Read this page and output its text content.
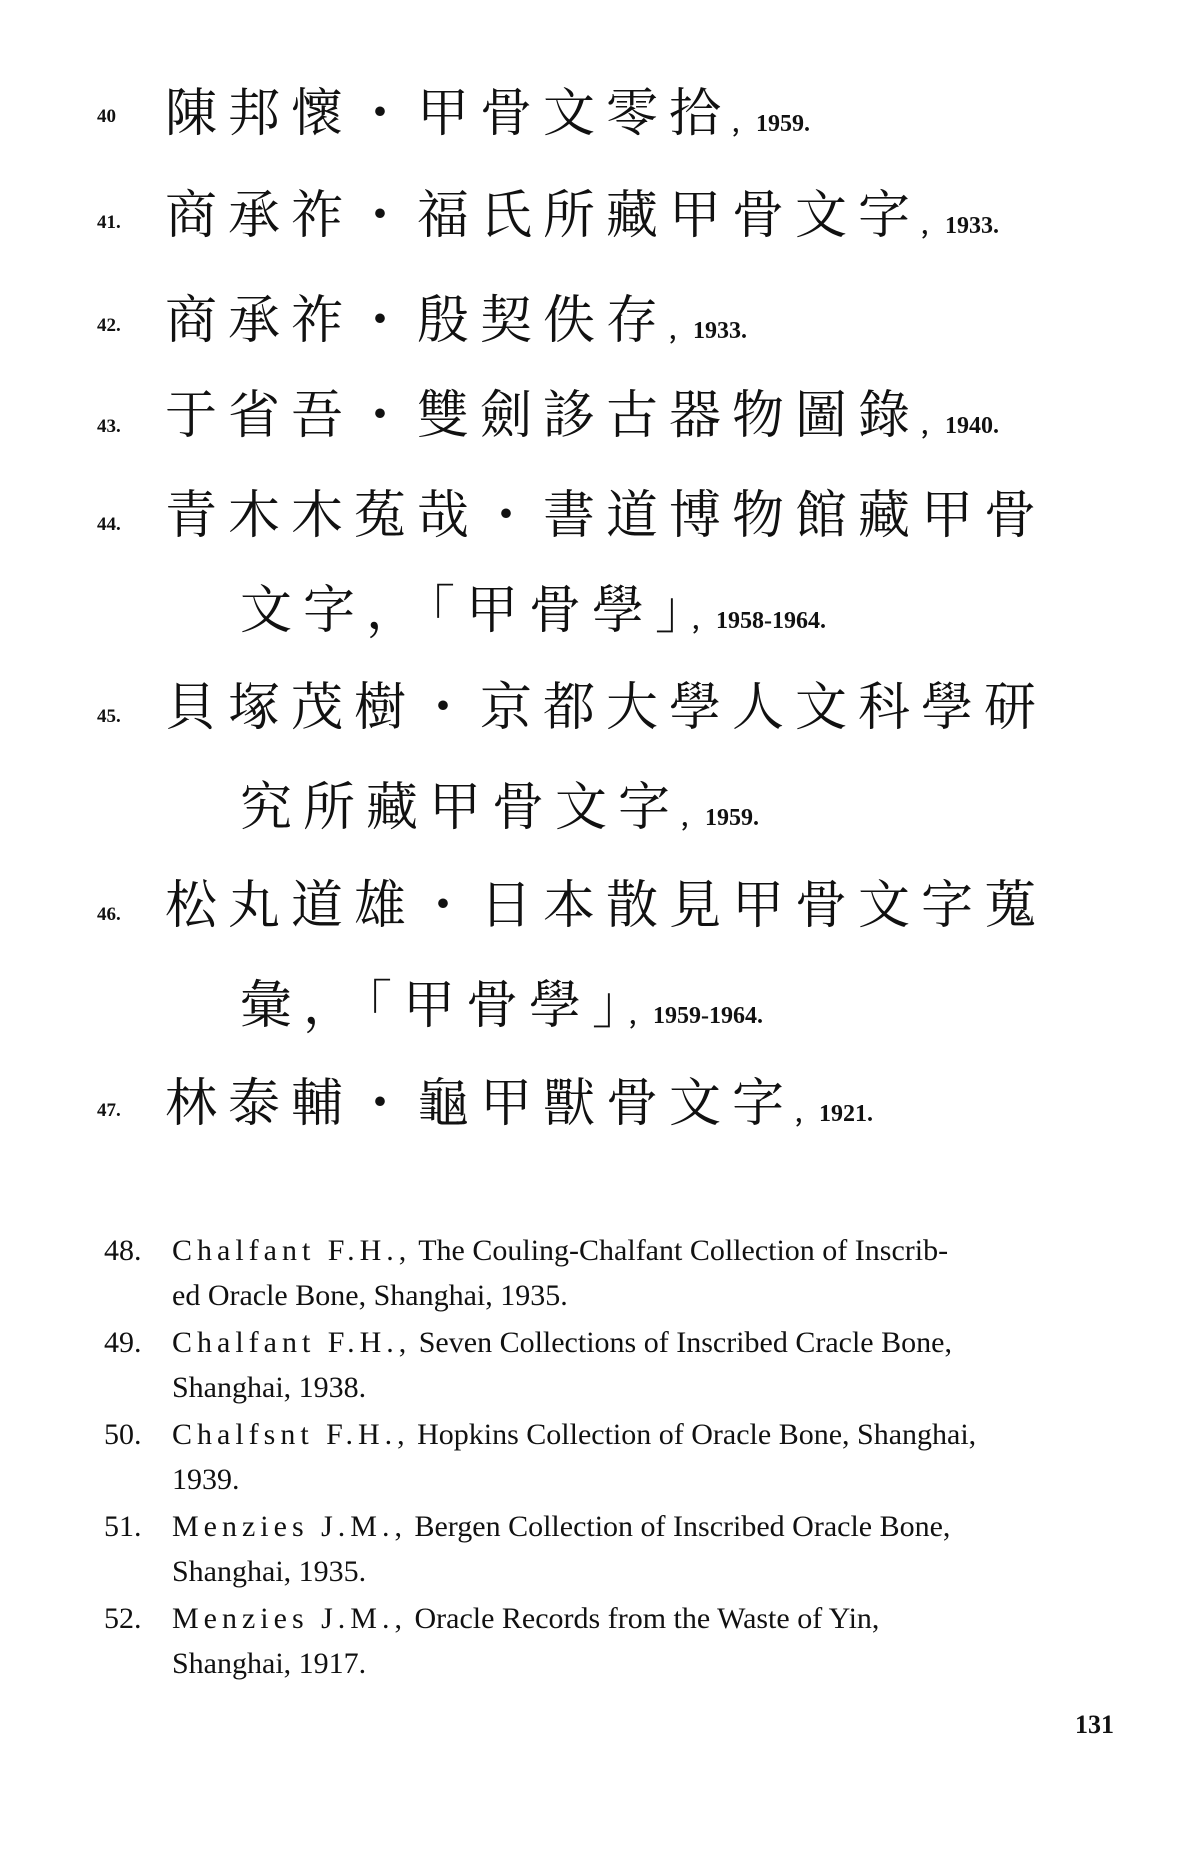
40 陳邦懷・甲骨文零拾，1959.
41. 商承祚・福氏所藏甲骨文字，1933.
42. 商承祚・殷契佚存，1933.
43. 于省吾・雙劍誃古器物圖錄，1940.
44. 青木木菟哉・書道博物館藏甲骨
文字，「甲骨學」，1958-1964.
45. 貝塚茂樹・京都大學人文科學研
究所藏甲骨文字，1959.
46. 松丸道雄・日本散見甲骨文字蒐
彙，「甲骨學」，1959-1964.
47. 林泰輔・龜甲獸骨文字，1921.
48. Chalfant F.H., The Couling-Chalfant Collection of Inscrib-
ed Oracle Bone, Shanghai, 1935.
49. Chalfant F.H., Seven Collections of Inscribed Cracle Bone,
Shanghai, 1938.
50. Chalfsnt F.H., Hopkins Collection of Oracle Bone, Shanghai,
1939.
51. Menzies J.M., Bergen Collection of Inscribed Oracle Bone,
Shanghai, 1935.
52. Menzies J.M., Oracle Records from the Waste of Yin,
Shanghai, 1917.
131
